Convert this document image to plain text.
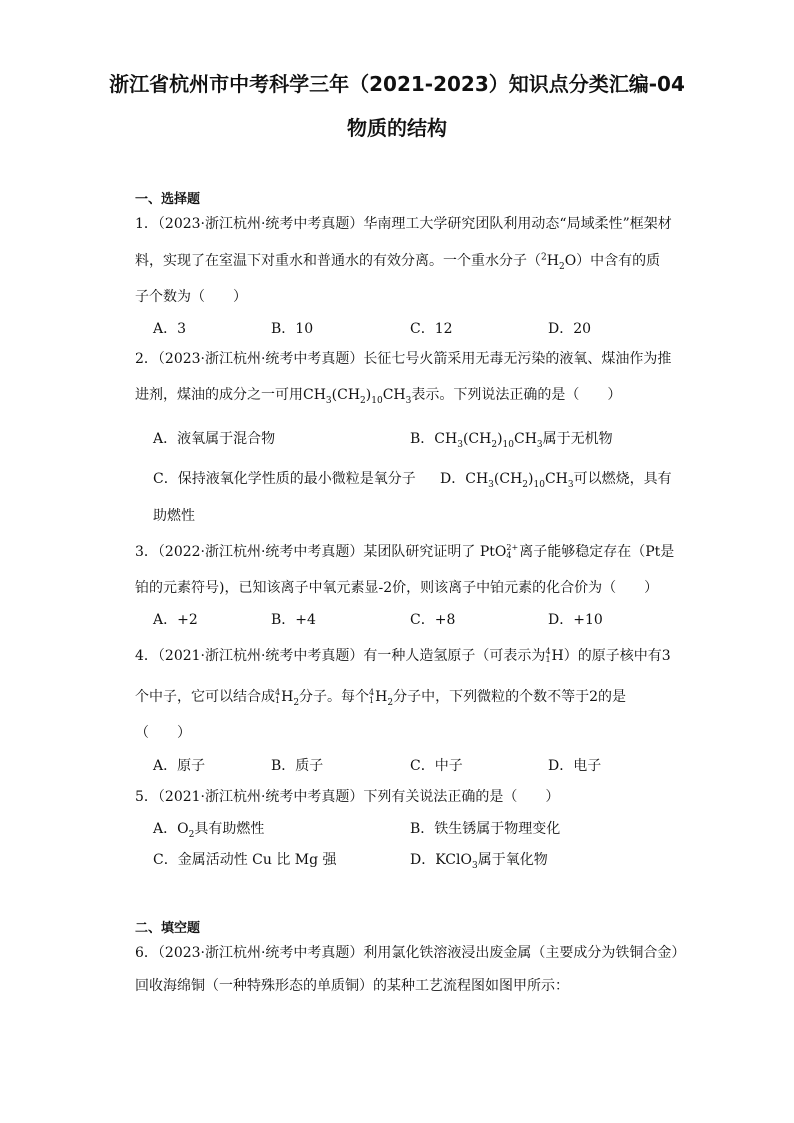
浙江省杭州市中考科学三年（2021-2023）知识点分类汇编-04
物质的结构
一、选择题
1．（2023·浙江杭州·统考中考真题）华南理工大学研究团队利用动态“局域柔性”框架材
料，实现了在室温下对重水和普通水的有效分离。一个重水分子$(^2H_2O)$中含有的质
子个数为（　　）
A．3	B．10	C．12	D．20
2．（2023·浙江杭州·统考中考真题）长征七号火箭采用无毒无污染的液氧、煤油作为推
进剂，煤油的成分之一可用$CH_3(CH_2)_{10}CH_3$表示。下列说法正确的是（　　）
A．液氧属于混合物	B．$CH_3(CH_2)_{10}CH_3$属于无机物
C．保持液氧化学性质的最小微粒是氧分子 D．$CH_3(CH_2)_{10}CH_3$可以燃烧，具有
助燃性
3．（2022·浙江杭州·统考中考真题）某团队研究证明了 PtO 2+
4 离子能够稳定存在（Pt是
铂的元素符号)，已知该离子中氧元素显-2价，则该离子中铂元素的化合价为（　　）
A．+2	B．+4	C．+8	D．+10
4．（2021·浙江杭州·统考中考真题）有一种人造氢原子（可表示为 4
1 H）的原子核中有3
个中子，它可以结合成 4
1 $H_2$分子。每个 4
1 $H_2$分子中，下列微粒的个数不等于2的是
（　　）
A．原子	B．质子	C．中子	D．电子
5．（2021·浙江杭州·统考中考真题）下列有关说法正确的是（　　）
A．$O_2$具有助燃性	B．铁生锈属于物理变化
C．金属活动性 Cu 比 Mg 强	D．KClO$_3$属于氧化物
二、填空题
6．（2023·浙江杭州·统考中考真题）利用氯化铁溶液浸出废金属（主要成分为铁铜合金）
回收海绵铜（一种特殊形态的单质铜）的某种工艺流程图如图甲所示：
